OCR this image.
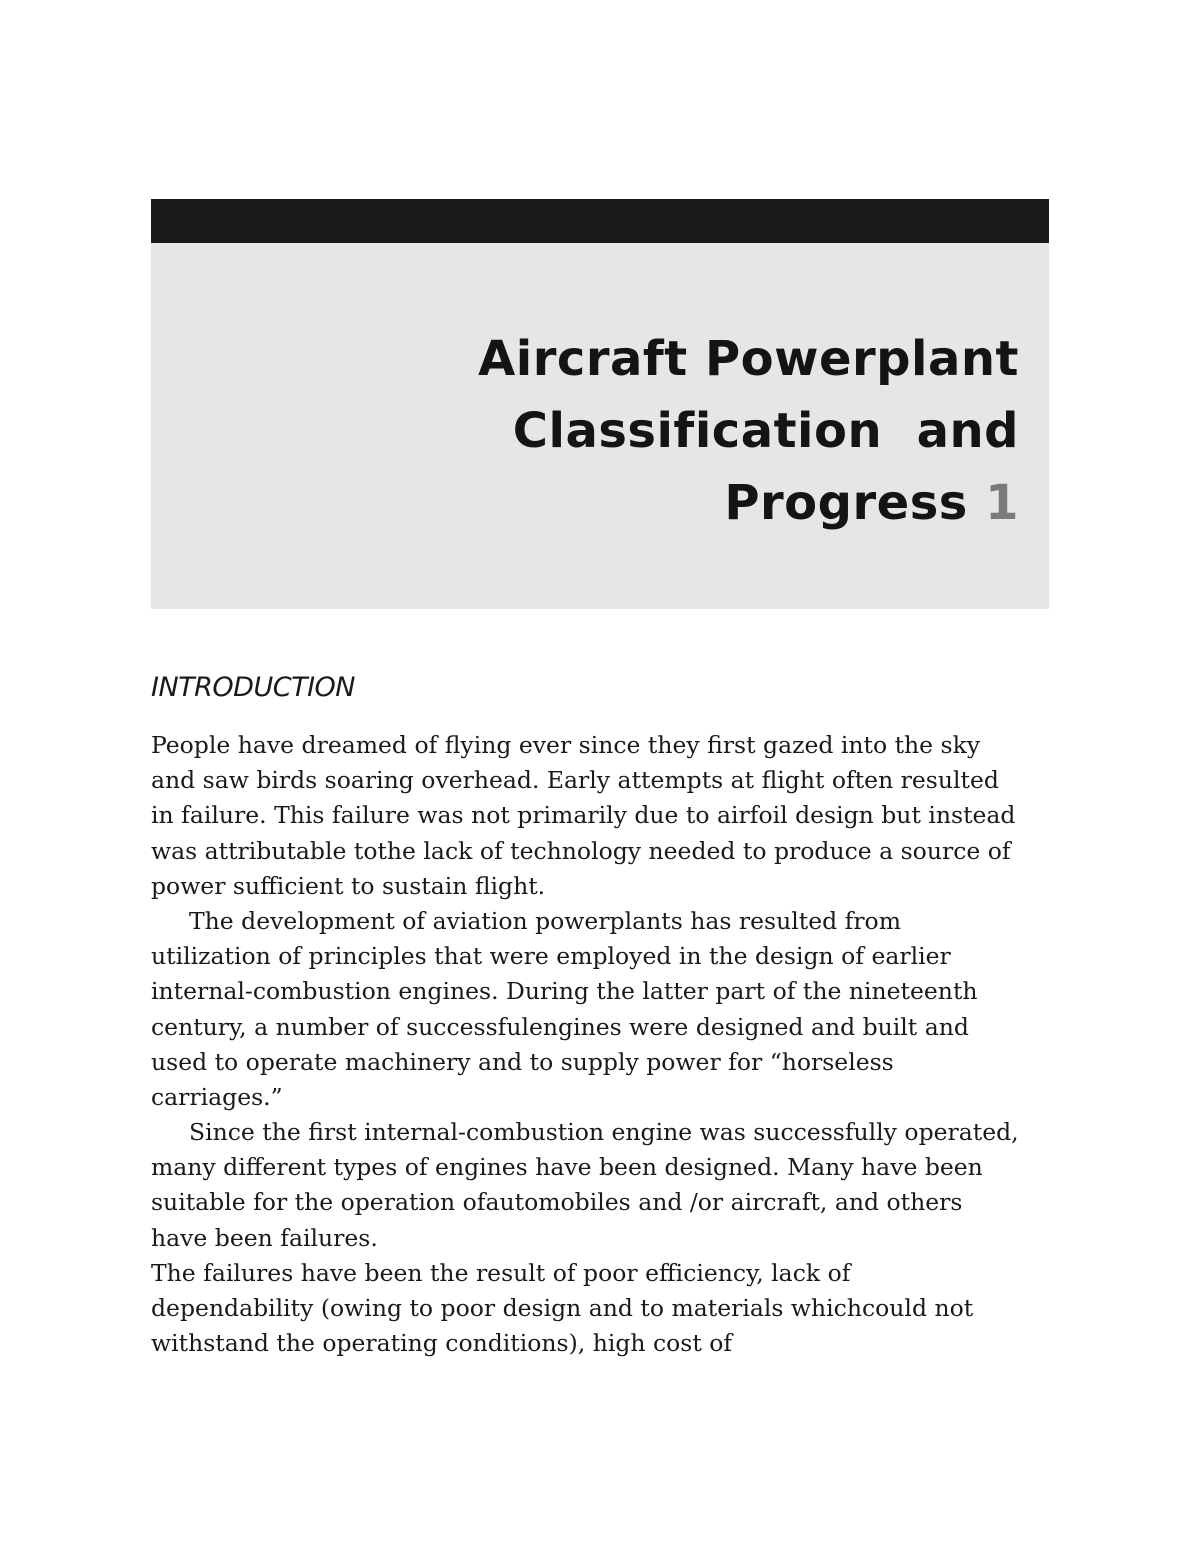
Aircraft Powerplant
Classification  and
Progress 1
INTRODUCTION
People have dreamed of flying ever since they first gazed into the sky
and saw birds soaring overhead. Early attempts at flight often resulted
in failure. This failure was not primarily due to airfoil design but instead
was attributable tothe lack of technology needed to produce a source of
power sufficient to sustain flight.
The development of aviation powerplants has resulted from
utilization of principles that were employed in the design of earlier
internal-combustion engines. During the latter part of the nineteenth
century, a number of successfulengines were designed and built and
used to operate machinery and to supply power for “horseless
carriages.”
Since the first internal-combustion engine was successfully operated,
many different types of engines have been designed. Many have been
suitable for the operation ofautomobiles and /or aircraft, and others
have been failures.
The failures have been the result of poor efficiency, lack of
dependability (owing to poor design and to materials whichcould not
withstand the operating conditions), high cost of
